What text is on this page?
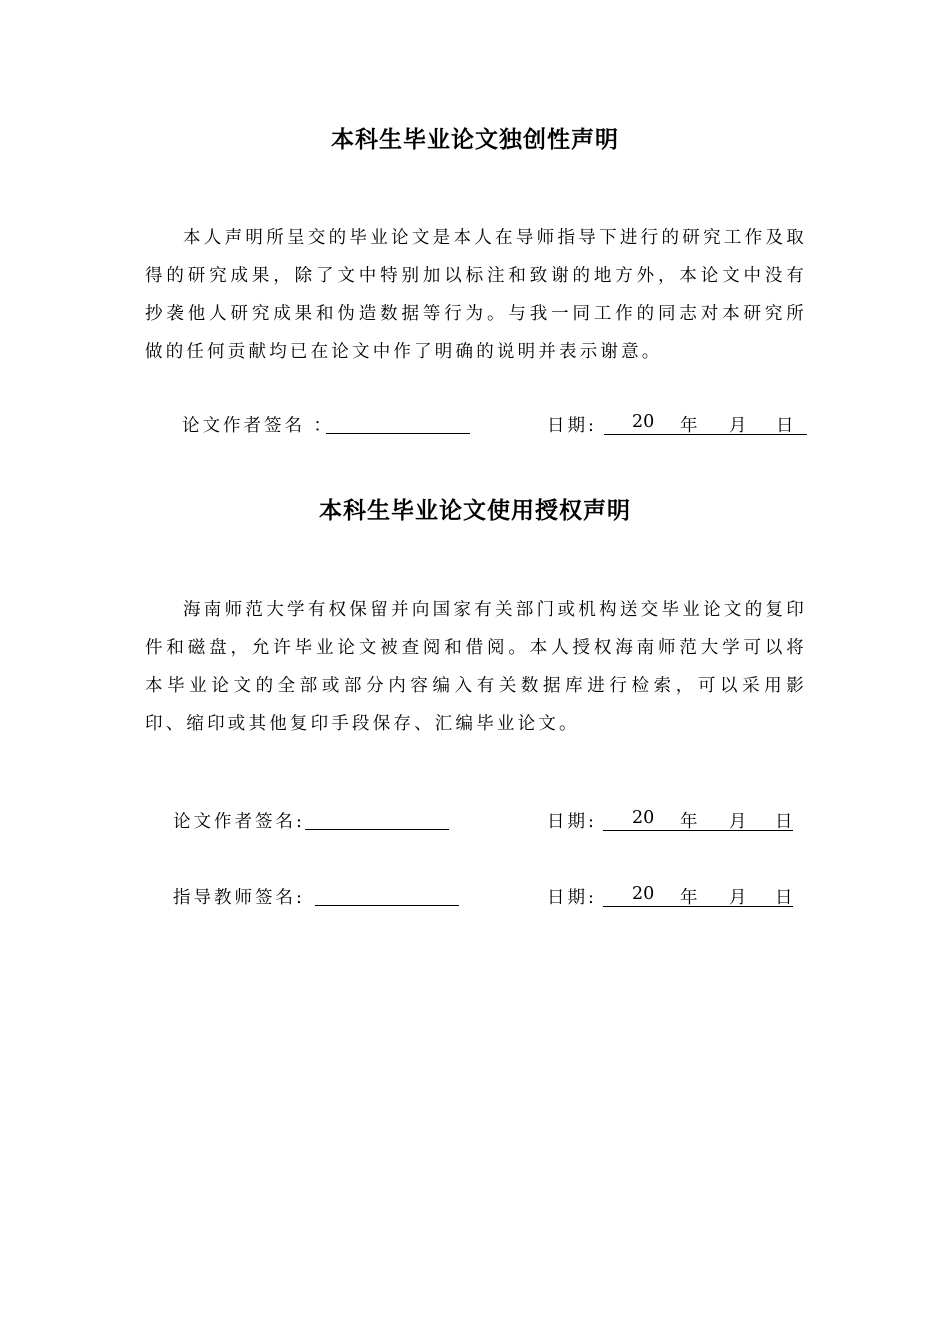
本科生毕业论文独创性声明

本人声明所呈交的毕业论文是本人在导师指导下进行的研究工作及取得的研究成果，除了文中特别加以标注和致谢的地方外，本论文中没有抄袭他人研究成果和伪造数据等行为。与我一同工作的同志对本研究所做的任何贡献均已在论文中作了明确的说明并表示谢意。

论文作者签名 ：	日期: 20 年 月 日
本科生毕业论文使用授权声明

海南师范大学有权保留并向国家有关部门或机构送交毕业论文的复印件和磁盘，允许毕业论文被查阅和借阅。本人授权海南师范大学可以将本毕业论文的全部或部分内容编入有关数据库进行检索，可以采用影印、缩印或其他复印手段保存、汇编毕业论文。

论文作者签名:	日期: 20 年 月 日
指导教师签名:	日期: 20 年 月 日
